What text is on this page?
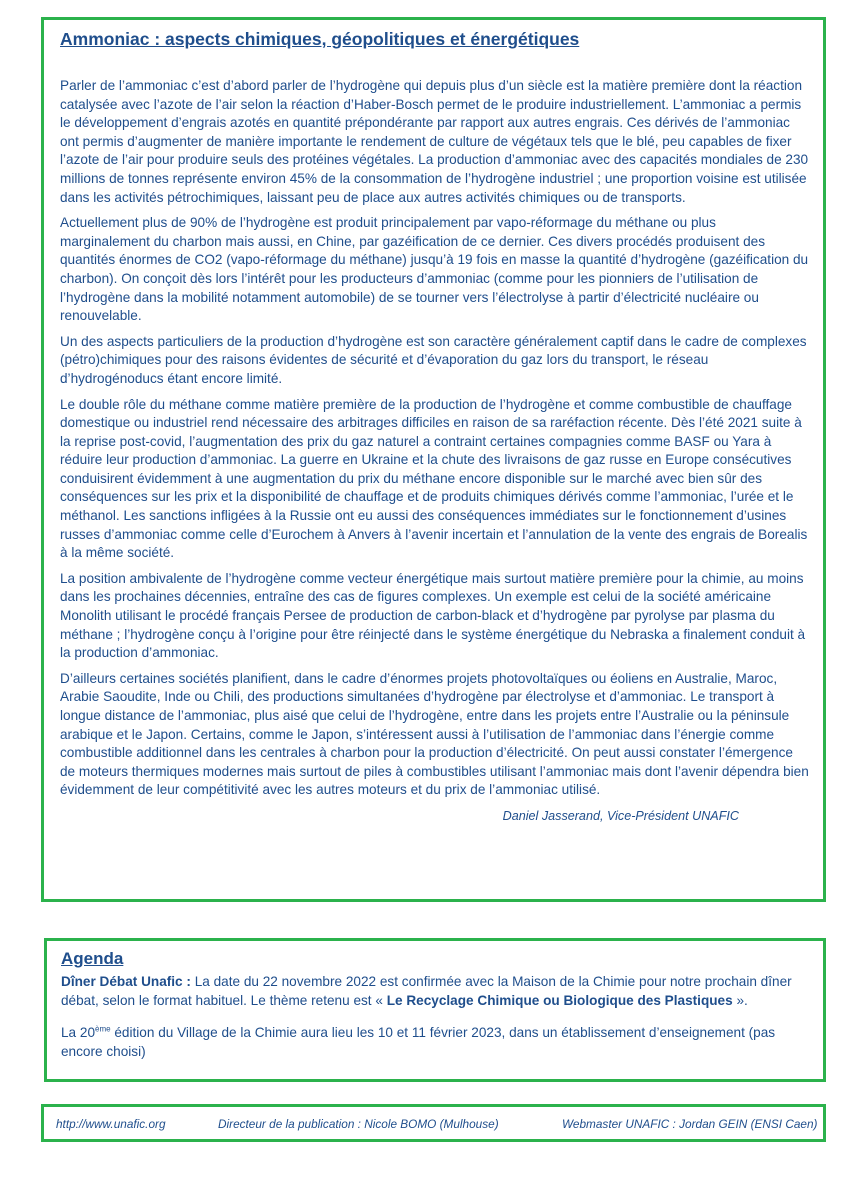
Ammoniac : aspects chimiques, géopolitiques et énergétiques

Parler de l’ammoniac c’est d’abord parler de l’hydrogène qui depuis plus d’un siècle est la matière première dont la réaction catalysée avec l’azote de l’air selon la réaction d’Haber-Bosch permet de le produire industriellement. L’ammoniac a permis le développement d’engrais azotés en quantité prépondérante par rapport aux autres engrais. Ces dérivés de l’ammoniac ont permis d’augmenter de manière importante le rendement de culture de végétaux tels que le blé, peu capables de fixer l’azote de l’air pour produire seuls des protéines végétales. La production d’ammoniac avec des capacités mondiales de 230 millions de tonnes représente environ 45% de la consommation de l’hydrogène industriel ; une proportion voisine est utilisée dans les activités pétrochimiques, laissant peu de place aux autres activités chimiques ou de transports.

Actuellement plus de 90% de l’hydrogène est produit principalement par vapo-réformage du méthane ou plus marginalement du charbon mais aussi, en Chine, par gazéification de ce dernier. Ces divers procédés produisent des quantités énormes de CO2 (vapo-réformage du méthane) jusqu’à 19 fois en masse la quantité d’hydrogène (gazéification du charbon). On conçoit dès lors l’intérêt pour les producteurs d’ammoniac (comme pour les pionniers de l’utilisation de l’hydrogène dans la mobilité notamment automobile) de se tourner vers l’électrolyse à partir d’électricité nucléaire ou renouvelable.

Un des aspects particuliers de la production d’hydrogène est son caractère généralement captif dans le cadre de complexes (pétro)chimiques pour des raisons évidentes de sécurité et d’évaporation du gaz lors du transport, le réseau d’hydrogénoducs étant encore limité.

Le double rôle du méthane comme matière première de la production de l’hydrogène et comme combustible de chauffage domestique ou industriel rend nécessaire des arbitrages difficiles en raison de sa raréfaction récente. Dès l’été 2021 suite à la reprise post-covid, l’augmentation des prix du gaz naturel a contraint certaines compagnies comme BASF ou Yara à réduire leur production d’ammoniac. La guerre en Ukraine et la chute des livraisons de gaz russe en Europe consécutives conduisirent évidemment à une augmentation du prix du méthane encore disponible sur le marché avec bien sûr des conséquences sur les prix et la disponibilité de chauffage et de produits chimiques dérivés comme l’ammoniac, l’urée et le méthanol. Les sanctions infligées à la Russie ont eu aussi des conséquences immédiates sur le fonctionnement d’usines russes d’ammoniac comme celle d’Eurochem à Anvers à l’avenir incertain et l’annulation de la vente des engrais de Borealis à la même société.

La position ambivalente de l’hydrogène comme vecteur énergétique mais surtout matière première pour la chimie, au moins dans les prochaines décennies, entraîne des cas de figures complexes. Un exemple est celui de la société américaine Monolith utilisant le procédé français Persee de production de carbon-black et d’hydrogène par pyrolyse par plasma du méthane ; l’hydrogène conçu à l’origine pour être réinjecté dans le système énergétique du Nebraska a finalement conduit à la production d’ammoniac.

D’ailleurs certaines sociétés planifient, dans le cadre d’énormes projets photovoltaïques ou éoliens en Australie, Maroc, Arabie Saoudite, Inde ou Chili, des productions simultanées d’hydrogène par électrolyse et d’ammoniac. Le transport à longue distance de l’ammoniac, plus aisé que celui de l’hydrogène, entre dans les projets entre l’Australie ou la péninsule arabique et le Japon. Certains, comme le Japon, s’intéressent aussi à l’utilisation de l’ammoniac dans l’énergie comme combustible additionnel dans les centrales à charbon pour la production d’électricité. On peut aussi constater l’émergence de moteurs thermiques modernes mais surtout de piles à combustibles utilisant l’ammoniac mais dont l’avenir dépendra bien évidemment de leur compétitivité avec les autres moteurs et du prix de l’ammoniac utilisé.

Daniel Jasserand, Vice-Président UNAFIC
Agenda

Dîner Débat Unafic : La date du 22 novembre 2022 est confirmée avec la Maison de la Chimie pour notre prochain dîner débat, selon le format habituel. Le thème retenu est « Le Recyclage Chimique ou Biologique des Plastiques ».

La 20ème édition du Village de la Chimie aura lieu les 10 et 11 février 2023, dans un établissement d’enseignement (pas encore choisi)

http://www.unafic.org	Directeur de la publication : Nicole BOMO (Mulhouse)	Webmaster UNAFIC : Jordan GEIN (ENSI Caen)
